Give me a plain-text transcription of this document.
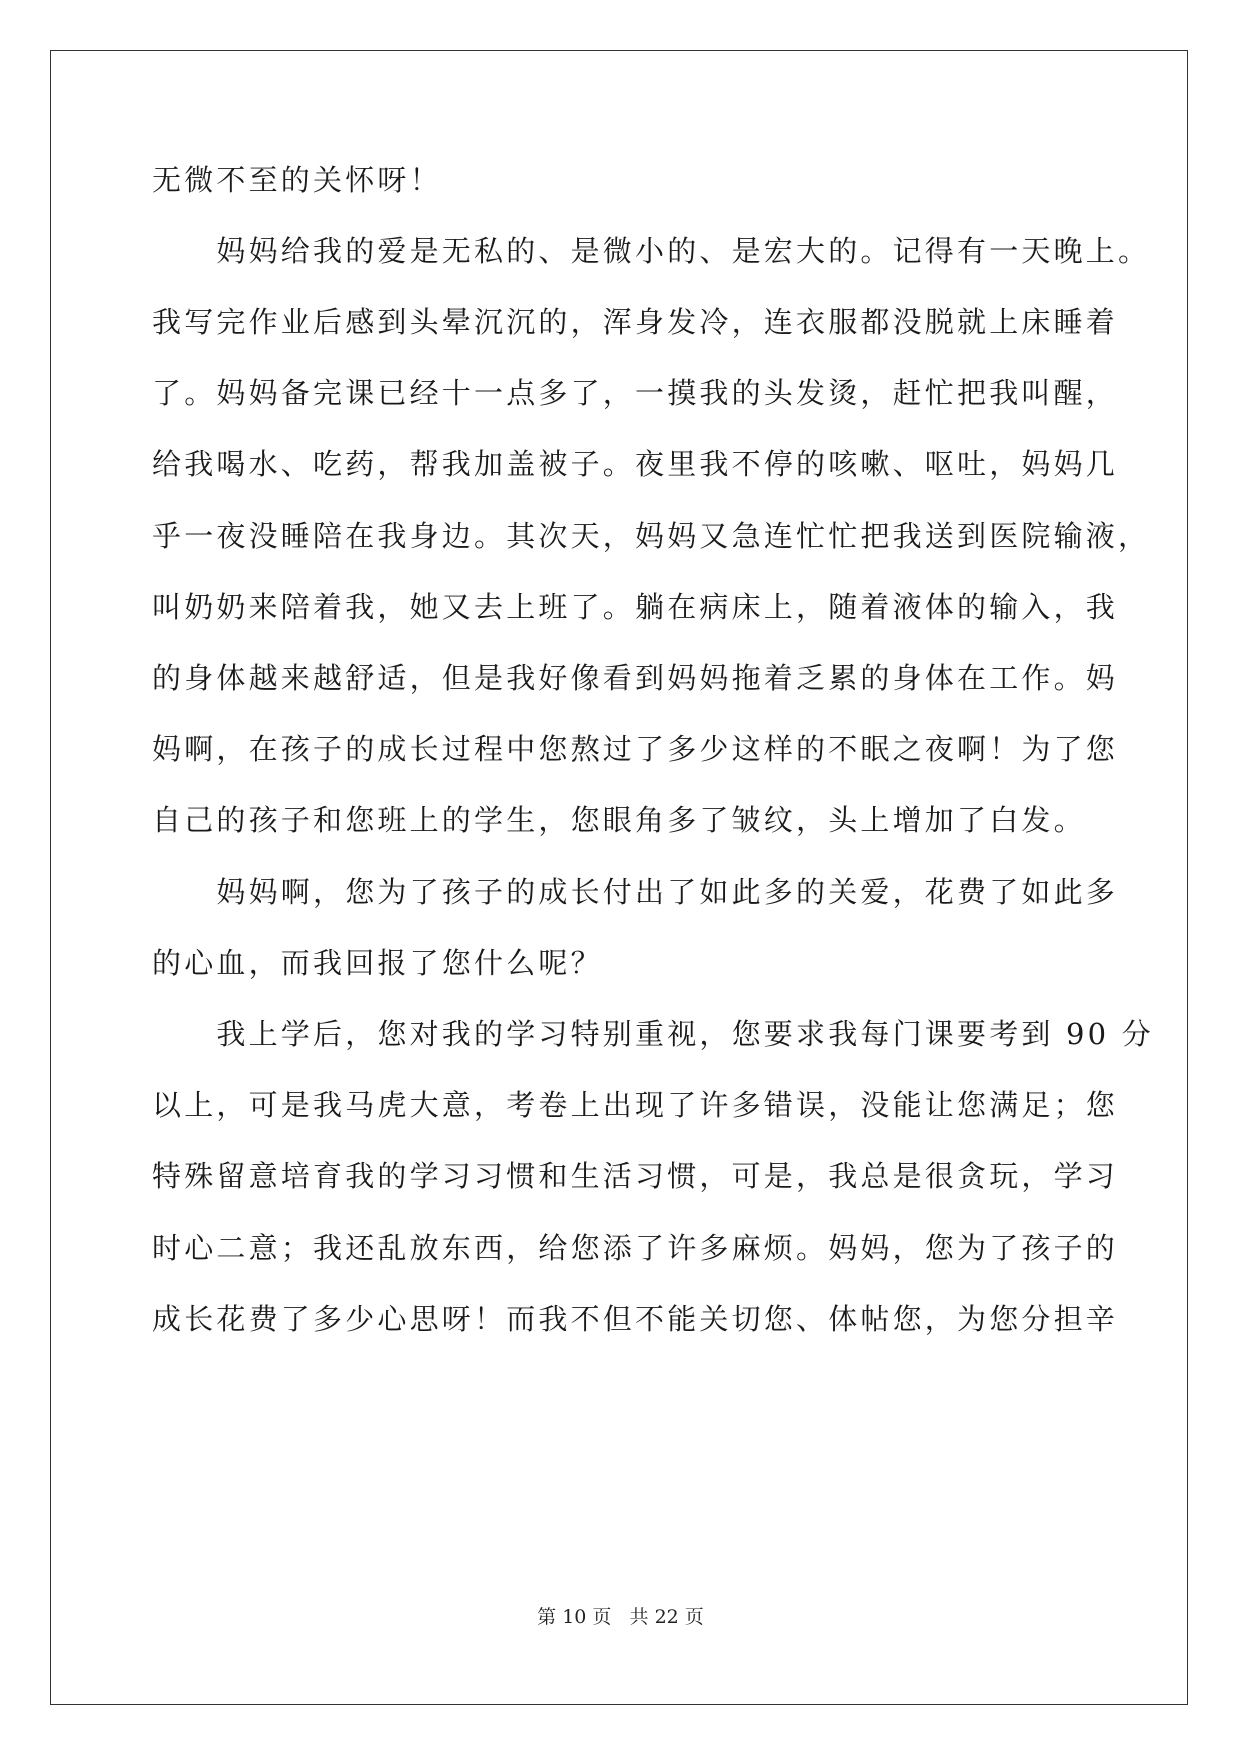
无微不至的关怀呀！
　　妈妈给我的爱是无私的、是微小的、是宏大的。记得有一天晚上。
我写完作业后感到头晕沉沉的，浑身发冷，连衣服都没脱就上床睡着
了。妈妈备完课已经十一点多了，一摸我的头发烫，赶忙把我叫醒，
给我喝水、吃药，帮我加盖被子。夜里我不停的咳嗽、呕吐，妈妈几
乎一夜没睡陪在我身边。其次天，妈妈又急连忙忙把我送到医院输液，
叫奶奶来陪着我，她又去上班了。躺在病床上，随着液体的输入，我
的身体越来越舒适，但是我好像看到妈妈拖着乏累的身体在工作。妈
妈啊，在孩子的成长过程中您熬过了多少这样的不眠之夜啊！为了您
自己的孩子和您班上的学生，您眼角多了皱纹，头上增加了白发。
　　妈妈啊，您为了孩子的成长付出了如此多的关爱，花费了如此多
的心血，而我回报了您什么呢？
　　我上学后，您对我的学习特别重视，您要求我每门课要考到 90 分
以上，可是我马虎大意，考卷上出现了许多错误，没能让您满足；您
特殊留意培育我的学习习惯和生活习惯，可是，我总是很贪玩，学习
时心二意；我还乱放东西，给您添了许多麻烦。妈妈，您为了孩子的
成长花费了多少心思呀！而我不但不能关切您、体帖您，为您分担辛
第 10 页   共 22 页
